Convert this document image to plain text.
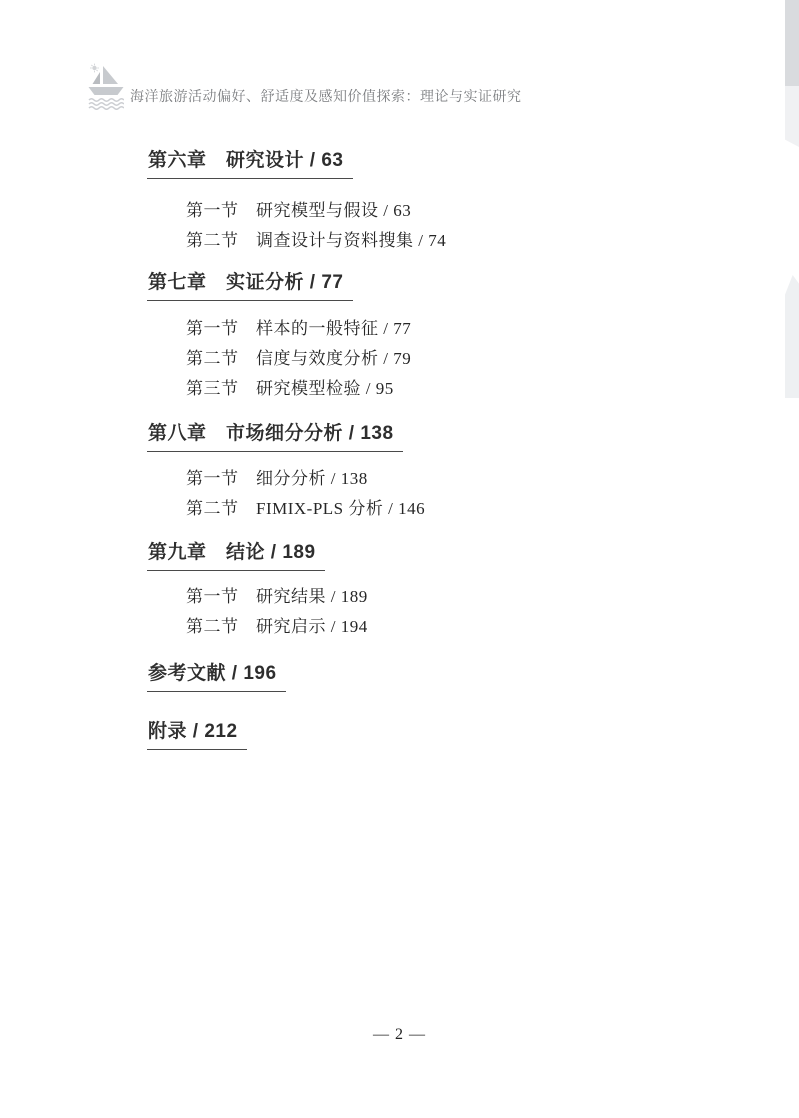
海洋旅游活动偏好、舒适度及感知价值探索：理论与实证研究
第六章　研究设计 / 63
第一节　研究模型与假设 / 63
第二节　调查设计与资料搜集 / 74
第七章　实证分析 / 77
第一节　样本的一般特征 / 77
第二节　信度与效度分析 / 79
第三节　研究模型检验 / 95
第八章　市场细分分析 / 138
第一节　细分分析 / 138
第二节　FIMIX-PLS 分析 / 146
第九章　结论 / 189
第一节　研究结果 / 189
第二节　研究启示 / 194
参考文献 / 196
附录 / 212
— 2 —
